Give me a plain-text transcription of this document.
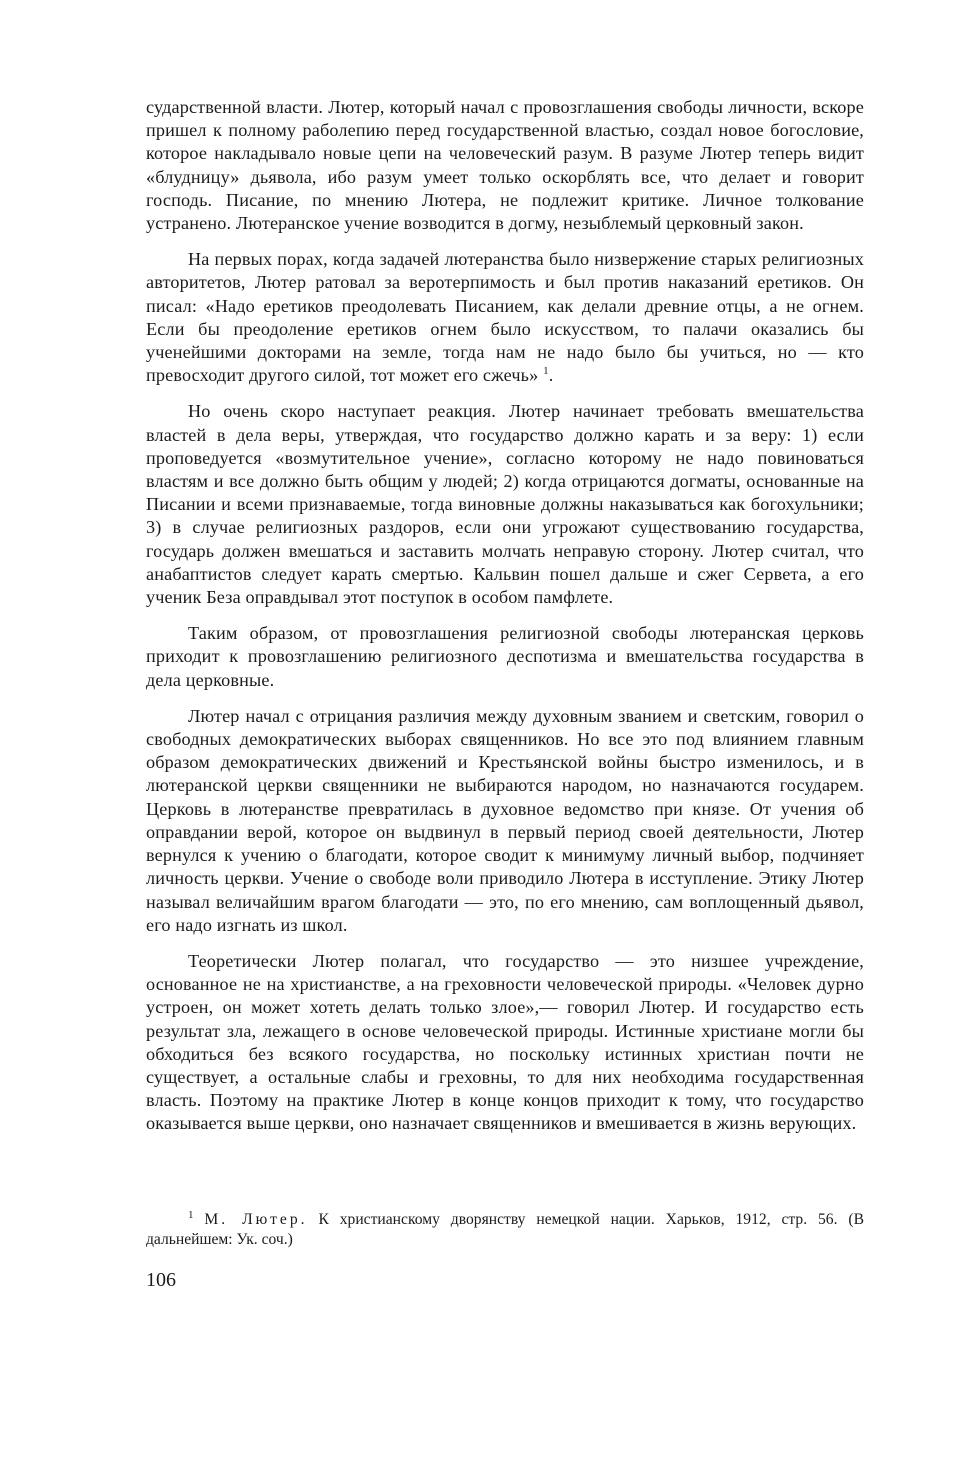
сударственной власти. Лютер, который начал с провозглашения свободы личности, вскоре пришел к полному раболепию перед государственной властью, создал новое богословие, которое накладывало новые цепи на человеческий разум. В разуме Лютер теперь видит «блудницу» дьявола, ибо разум умеет только оскорблять все, что делает и говорит господь. Писание, по мнению Лютера, не подлежит критике. Личное толкование устранено. Лютеранское учение возводится в догму, незыблемый церковный закон.

На первых порах, когда задачей лютеранства было низвержение старых религиозных авторитетов, Лютер ратовал за веротерпимость и был против наказаний еретиков. Он писал: «Надо еретиков преодолевать Писанием, как делали древние отцы, а не огнем. Если бы преодоление еретиков огнем было искусством, то палачи оказались бы ученейшими докторами на земле, тогда нам не надо было бы учиться, но — кто превосходит другого силой, тот может его сжечь» $^1$.

Но очень скоро наступает реакция. Лютер начинает требовать вмешательства властей в дела веры, утверждая, что государство должно карать и за веру: 1) если проповедуется «возмутительное учение», согласно которому не надо повиноваться властям и все должно быть общим у людей; 2) когда отрицаются догматы, основанные на Писании и всеми признаваемые, тогда виновные должны наказываться как богохульники; 3) в случае религиозных раздоров, если они угрожают существованию государства, государь должен вмешаться и заставить молчать неправую сторону. Лютер считал, что анабаптистов следует карать смертью. Кальвин пошел дальше и сжег Сервета, а его ученик Беза оправдывал этот поступок в особом памфлете.

Таким образом, от провозглашения религиозной свободы лютеранская церковь приходит к провозглашению религиозного деспотизма и вмешательства государства в дела церковные.

Лютер начал с отрицания различия между духовным званием и светским, говорил о свободных демократических выборах священников. Но все это под влиянием главным образом демократических движений и Крестьянской войны быстро изменилось, и в лютеранской церкви священники не выбираются народом, но назначаются государем. Церковь в лютеранстве превратилась в духовное ведомство при князе. От учения об оправдании верой, которое он выдвинул в первый период своей деятельности, Лютер вернулся к учению о благодати, которое сводит к минимуму личный выбор, подчиняет личность церкви. Учение о свободе воли приводило Лютера в исступление. Этику Лютер называл величайшим врагом благодати — это, по его мнению, сам воплощенный дьявол, его надо изгнать из школ.

Теоретически Лютер полагал, что государство — это низшее учреждение, основанное не на христианстве, а на греховности человеческой природы. «Человек дурно устроен, он может хотеть делать только злое»,— говорил Лютер. И государство есть результат зла, лежащего в основе человеческой природы. Истинные христиане могли бы обходиться без всякого государства, но поскольку истинных христиан почти не существует, а остальные слабы и греховны, то для них необходима государственная власть. Поэтому на практике Лютер в конце концов приходит к тому, что государство оказывается выше церкви, оно назначает священников и вмешивается в жизнь верующих.

$^1$ М. Лютер. К христианскому дворянству немецкой нации. Харьков, 1912, стр. 56. (В дальнейшем: Ук. соч.)

106
